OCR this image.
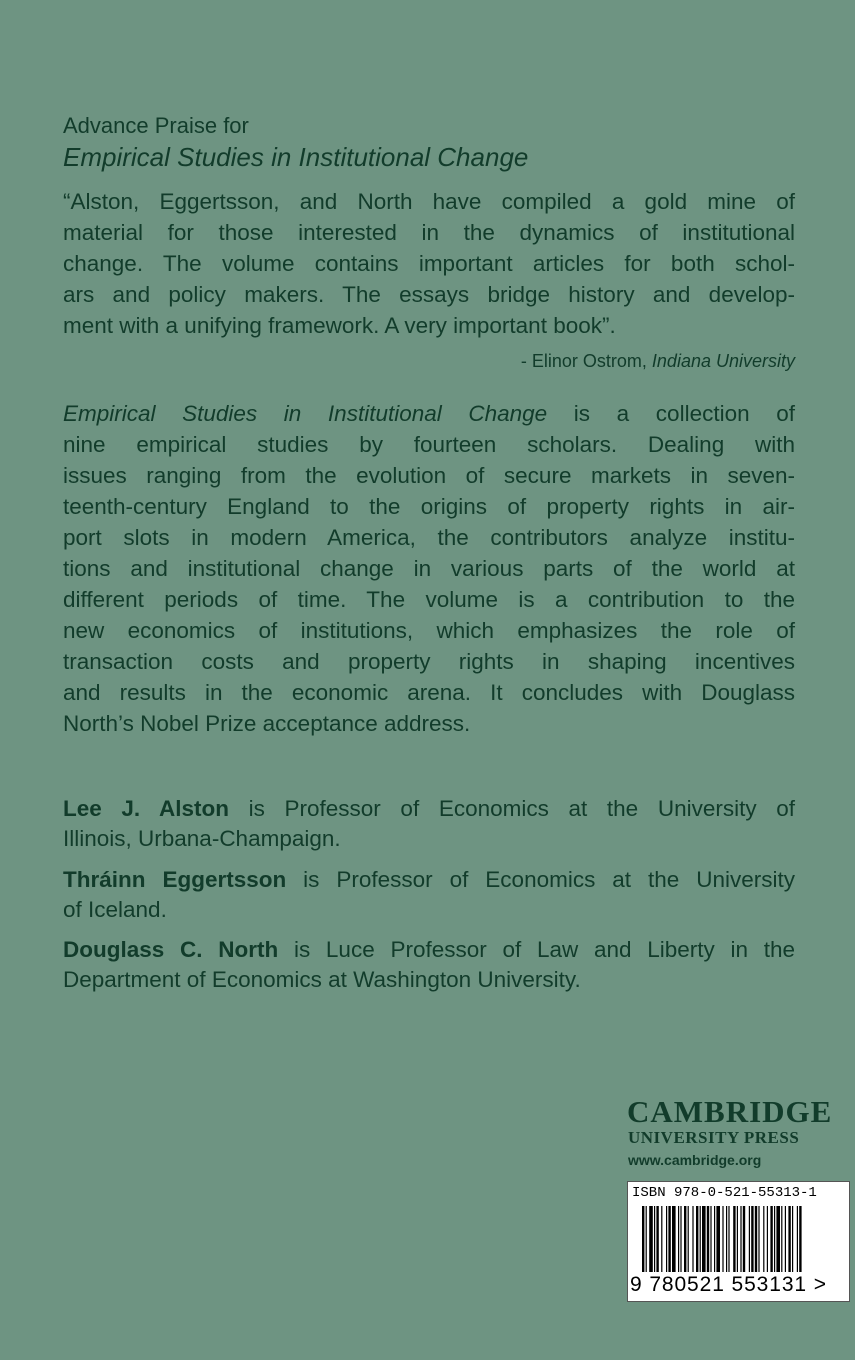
Advance Praise for
Empirical Studies in Institutional Change
“Alston, Eggertsson, and North have compiled a gold mine of
material for those interested in the dynamics of institutional
change. The volume contains important articles for both schol-
ars and policy makers. The essays bridge history and develop-
ment with a unifying framework. A very important book”.
- Elinor Ostrom, Indiana University
Empirical Studies in Institutional Change is a collection of
nine empirical studies by fourteen scholars. Dealing with
issues ranging from the evolution of secure markets in seven-
teenth-century England to the origins of property rights in air-
port slots in modern America, the contributors analyze institu-
tions and institutional change in various parts of the world at
different periods of time. The volume is a contribution to the
new economics of institutions, which emphasizes the role of
transaction costs and property rights in shaping incentives
and results in the economic arena. It concludes with Douglass
North’s Nobel Prize acceptance address.
Lee J. Alston is Professor of Economics at the University of
Illinois, Urbana-Champaign.
Thráinn Eggertsson is Professor of Economics at the University
of Iceland.
Douglass C. North is Luce Professor of Law and Liberty in the
Department of Economics at Washington University.
CAMBRIDGE
UNIVERSITY PRESS
www.cambridge.org
ISBN 978-0-521-55313-1
9 780521 553131 >
